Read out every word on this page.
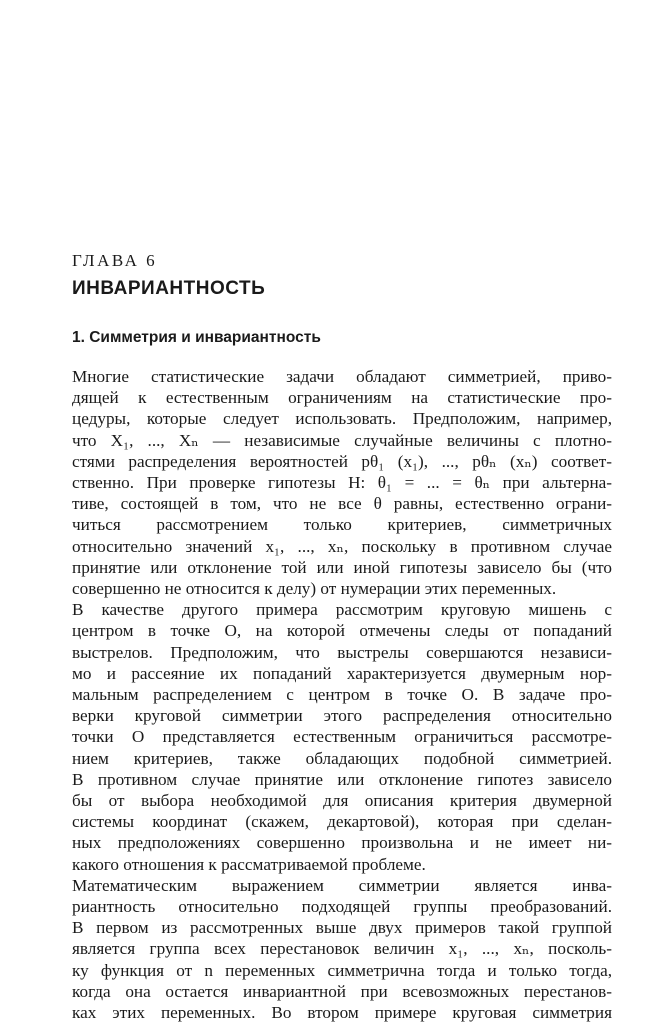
ГЛАВА 6

ИНВАРИАНТНОСТЬ
1. Симметрия и инвариантность
Многие статистические задачи обладают симметрией, приво-
дящей к естественным ограничениям на статистические про-
цедуры, которые следует использовать. Предположим, например,
что X₁, ..., Xₙ — независимые случайные величины с плотно-
стями распределения вероятностей pθ₁ (x₁), ..., pθₙ (xₙ) соответ-
ственно. При проверке гипотезы H: θ₁ = ... = θₙ при альтерна-
тиве, состоящей в том, что не все θ равны, естественно ограни-
читься рассмотрением только критериев, симметричных
относительно значений x₁, ..., xₙ, поскольку в противном случае
принятие или отклонение той или иной гипотезы зависело бы (что
совершенно не относится к делу) от нумерации этих переменных.
В качестве другого примера рассмотрим круговую мишень с
центром в точке O, на которой отмечены следы от попаданий
выстрелов. Предположим, что выстрелы совершаются независи-
мо и рассеяние их попаданий характеризуется двумерным нор-
мальным распределением с центром в точке O. В задаче про-
верки круговой симметрии этого распределения относительно
точки O представляется естественным ограничиться рассмотре-
нием критериев, также обладающих подобной симметрией.
В противном случае принятие или отклонение гипотез зависело
бы от выбора необходимой для описания критерия двумерной
системы координат (скажем, декартовой), которая при сделан-
ных предположениях совершенно произвольна и не имеет ни-
какого отношения к рассматриваемой проблеме.
Математическим выражением симметрии является инва-
риантность относительно подходящей группы преобразований.
В первом из рассмотренных выше двух примеров такой группой
является группа всех перестановок величин x₁, ..., xₙ, посколь-
ку функция от n переменных симметрична тогда и только тогда,
когда она остается инвариантной при всевозможных перестанов-
ках этих переменных. Во втором примере круговая симметрия
